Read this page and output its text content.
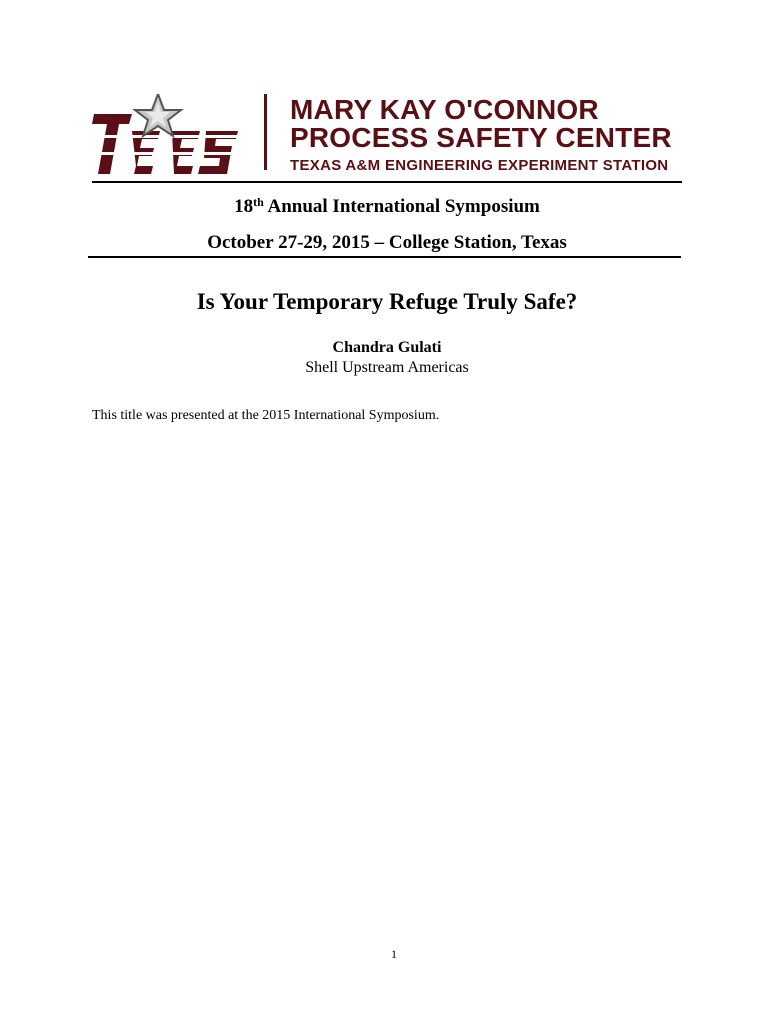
MARY KAY O'CONNOR
PROCESS SAFETY CENTER
TEXAS A&M ENGINEERING EXPERIMENT STATION
18th Annual International Symposium
October 27-29, 2015 – College Station, Texas
Is Your Temporary Refuge Truly Safe?
Chandra Gulati
Shell Upstream Americas
This title was presented at the 2015 International Symposium.
1
